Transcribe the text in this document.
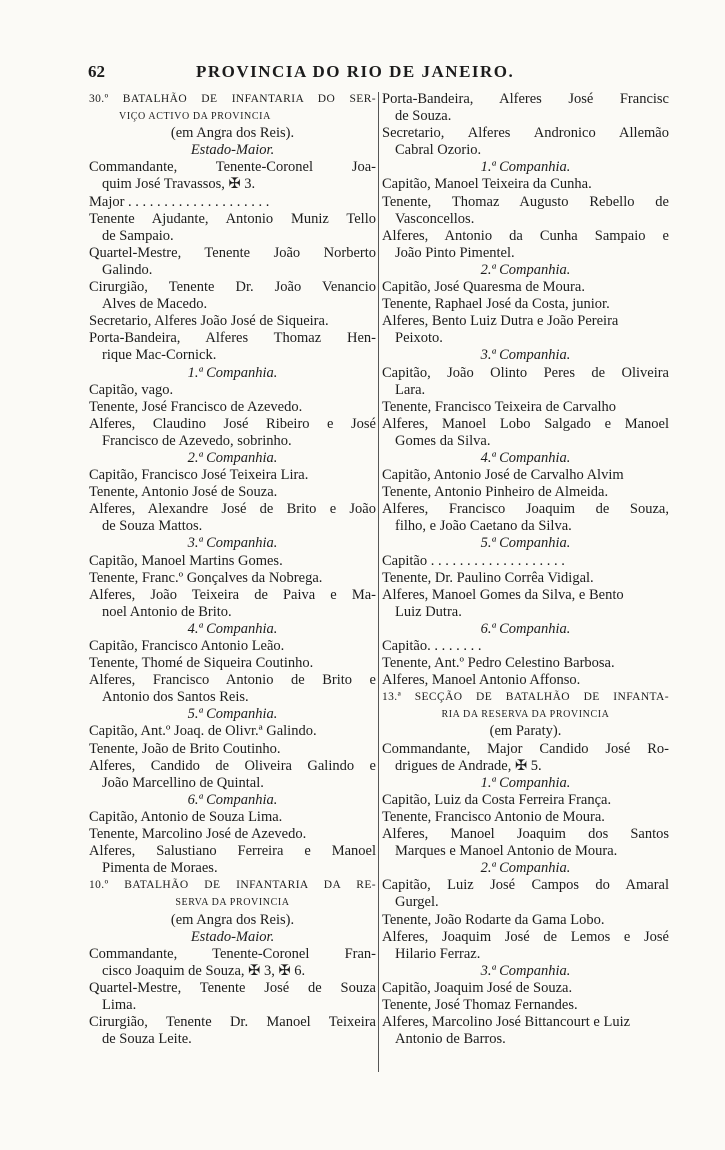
62	PROVINCIA DO RIO DE JANEIRO.
30.º BATALHÃO DE INFANTARIA DO SER-
VIÇO ACTIVO DA PROVINCIA
(em Angra dos Reis).
Estado-Maior.
Commandante, Tenente-Coronel Joa-
quim José Travassos, ✠ 3.
Major . . . . . . . . . . . . . . . . . . . .
Tenente Ajudante, Antonio Muniz Tello
de Sampaio.
Quartel-Mestre, Tenente João Norberto
Galindo.
Cirurgião, Tenente Dr. João Venancio
Alves de Macedo.
Secretario, Alferes João José de Siqueira.
Porta-Bandeira, Alferes Thomaz Hen-
rique Mac-Cornick.
1.ª Companhia.
Capitão, vago.
Tenente, José Francisco de Azevedo.
Alferes, Claudino José Ribeiro e José
Francisco de Azevedo, sobrinho.
2.ª Companhia.
Capitão, Francisco José Teixeira Lira.
Tenente, Antonio José de Souza.
Alferes, Alexandre José de Brito e João
de Souza Mattos.
3.ª Companhia.
Capitão, Manoel Martins Gomes.
Tenente, Franc.º Gonçalves da Nobrega.
Alferes, João Teixeira de Paiva e Ma-
noel Antonio de Brito.
4.ª Companhia.
Capitão, Francisco Antonio Leão.
Tenente, Thomé de Siqueira Coutinho.
Alferes, Francisco Antonio de Brito e
Antonio dos Santos Reis.
5.ª Companhia.
Capitão, Ant.º Joaq. de Olivr.ª Galindo.
Tenente, João de Brito Coutinho.
Alferes, Candido de Oliveira Galindo e
João Marcellino de Quintal.
6.ª Companhia.
Capitão, Antonio de Souza Lima.
Tenente, Marcolino José de Azevedo.
Alferes, Salustiano Ferreira e Manoel
Pimenta de Moraes.
10.º BATALHÃO DE INFANTARIA DA RE-
SERVA DA PROVINCIA
(em Angra dos Reis).
Estado-Maior.
Commandante, Tenente-Coronel Fran-
cisco Joaquim de Souza, ✠ 3, ✠ 6.
Quartel-Mestre, Tenente José de Souza
Lima.
Cirurgião, Tenente Dr. Manoel Teixeira
de Souza Leite.
Porta-Bandeira, Alferes José Francisc
de Souza.
Secretario, Alferes Andronico Allemão
Cabral Ozorio.
1.ª Companhia.
Capitão, Manoel Teixeira da Cunha.
Tenente, Thomaz Augusto Rebello de
Vasconcellos.
Alferes, Antonio da Cunha Sampaio e
João Pinto Pimentel.
2.ª Companhia.
Capitão, José Quaresma de Moura.
Tenente, Raphael José da Costa, junior.
Alferes, Bento Luiz Dutra e João Pereira
Peixoto.
3.ª Companhia.
Capitão, João Olinto Peres de Oliveira
Lara.
Tenente, Francisco Teixeira de Carvalho
Alferes, Manoel Lobo Salgado e Manoel
Gomes da Silva.
4.ª Companhia.
Capitão, Antonio José de Carvalho Alvim
Tenente, Antonio Pinheiro de Almeida.
Alferes, Francisco Joaquim de Souza,
filho, e João Caetano da Silva.
5.ª Companhia.
Capitão . . . . . . . . . . . . . . . . . . .
Tenente, Dr. Paulino Corrêa Vidigal.
Alferes, Manoel Gomes da Silva, e Bento
Luiz Dutra.
6.ª Companhia.
Capitão. . . . . . . .
Tenente, Ant.º Pedro Celestino Barbosa.
Alferes, Manoel Antonio Affonso.
13.ª SECÇÃO DE BATALHÃO DE INFANTA-
RIA DA RESERVA DA PROVINCIA
(em Paraty).
Commandante, Major Candido José Ro-
drigues de Andrade, ✠ 5.
1.ª Companhia.
Capitão, Luiz da Costa Ferreira França.
Tenente, Francisco Antonio de Moura.
Alferes, Manoel Joaquim dos Santos
Marques e Manoel Antonio de Moura.
2.ª Companhia.
Capitão, Luiz José Campos do Amaral
Gurgel.
Tenente, João Rodarte da Gama Lobo.
Alferes, Joaquim José de Lemos e José
Hilario Ferraz.
3.ª Companhia.
Capitão, Joaquim José de Souza.
Tenente, José Thomaz Fernandes.
Alferes, Marcolino José Bittancourt e Luiz
Antonio de Barros.
